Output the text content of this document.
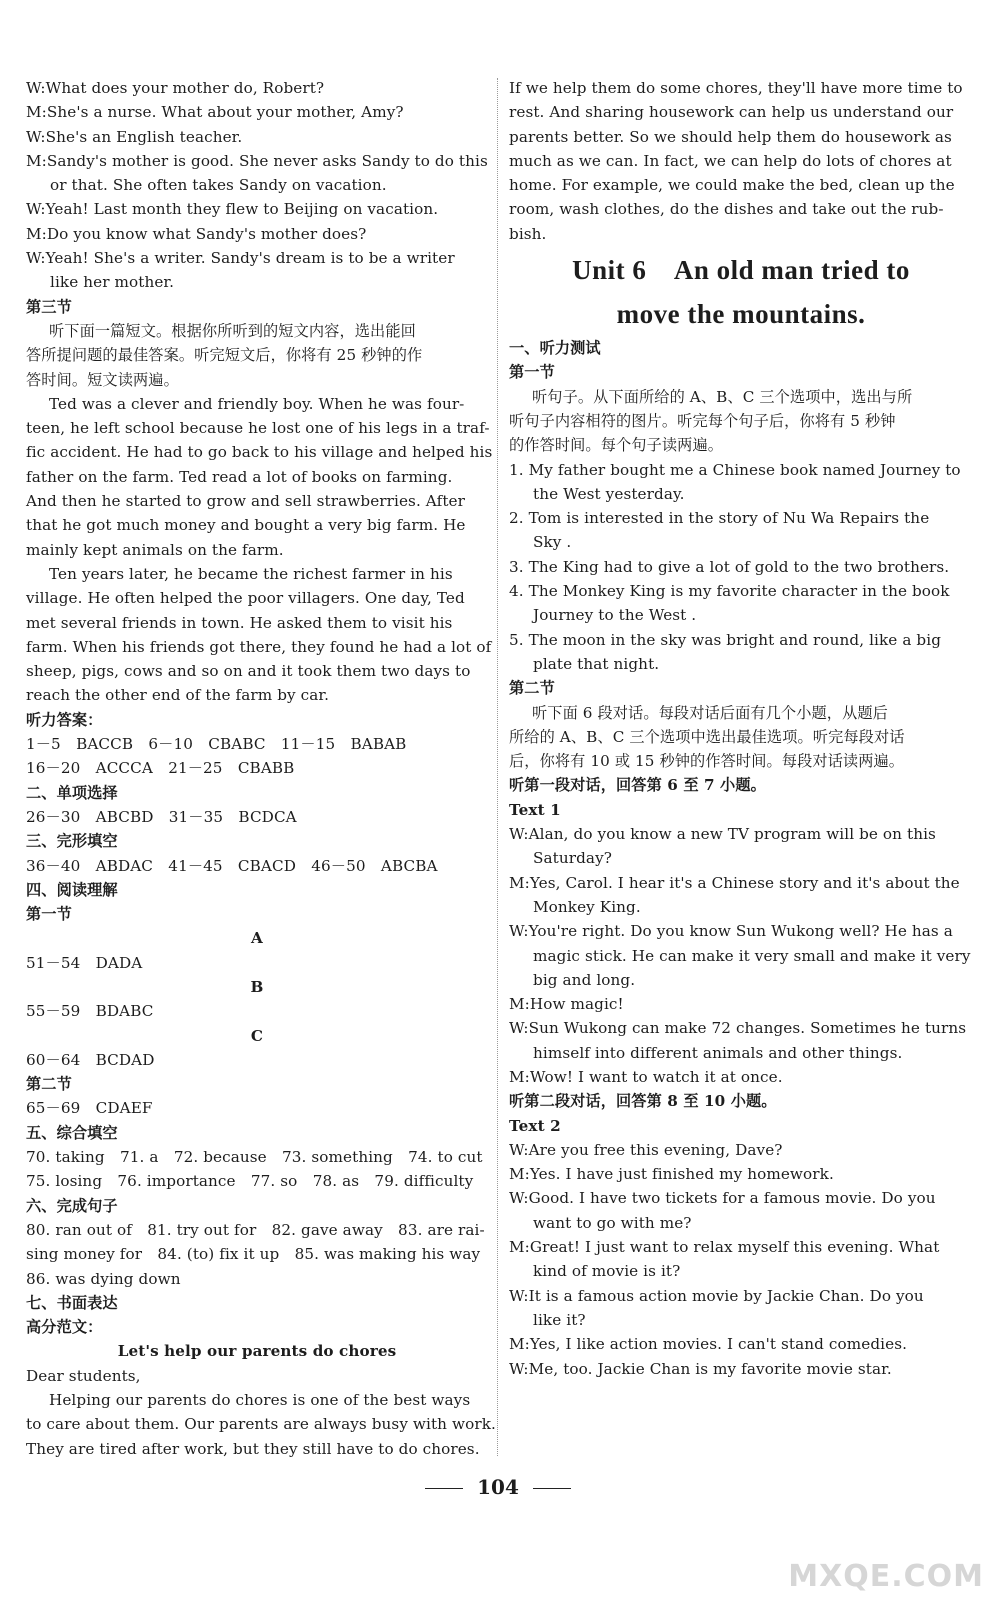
W:What does your mother do, Robert?
M:She's a nurse. What about your mother, Amy?
W:She's an English teacher.
M:Sandy's mother is good. She never asks Sandy to do this
or that. She often takes Sandy on vacation.
W:Yeah! Last month they flew to Beijing on vacation.
M:Do you know what Sandy's mother does?
W:Yeah! She's a writer. Sandy's dream is to be a writer
like her mother.
第三节
听下面一篇短文。根据你所听到的短文内容，选出能回
答所提问题的最佳答案。听完短文后，你将有 25 秒钟的作
答时间。短文读两遍。
Ted was a clever and friendly boy. When he was four-
teen, he left school because he lost one of his legs in a traf-
fic accident. He had to go back to his village and helped his
father on the farm. Ted read a lot of books on farming.
And then he started to grow and sell strawberries. After
that he got much money and bought a very big farm. He
mainly kept animals on the farm.
Ten years later, he became the richest farmer in his
village. He often helped the poor villagers. One day, Ted
met several friends in town. He asked them to visit his
farm. When his friends got there, they found he had a lot of
sheep, pigs, cows and so on and it took them two days to
reach the other end of the farm by car.
听力答案：
1－5　BACCB　6－10　CBABC　11－15　BABAB
16－20　ACCCA　21－25　CBABB
二、单项选择
26－30　ABCBD　31－35　BCDCA
三、完形填空
36－40　ABDAC　41－45　CBACD　46－50　ABCBA
四、阅读理解
第一节
A
51－54　DADA
B
55－59　BDABC
C
60－64　BCDAD
第二节
65－69　CDAEF
五、综合填空
70. taking　71. a　72. because　73. something　74. to cut
75. losing　76. importance　77. so　78. as　79. difficulty
六、完成句子
80. ran out of　81. try out for　82. gave away　83. are rai-
sing money for　84. (to) fix it up　85. was making his way
86. was dying down
七、书面表达
高分范文：
Let's help our parents do chores
Dear students,
Helping our parents do chores is one of the best ways
to care about them. Our parents are always busy with work.
They are tired after work, but they still have to do chores.
If we help them do some chores, they'll have more time to
rest. And sharing housework can help us understand our
parents better. So we should help them do housework as
much as we can. In fact, we can help do lots of chores at
home. For example, we could make the bed, clean up the
room, wash clothes, do the dishes and take out the rub-
bish.
Unit 6　An old man tried to
move the mountains.
一、听力测试
第一节
听句子。从下面所给的 A、B、C 三个选项中，选出与所
听句子内容相符的图片。听完每个句子后，你将有 5 秒钟
的作答时间。每个句子读两遍。
1. My father bought me a Chinese book named Journey to
the West yesterday.
2. Tom is interested in the story of Nu Wa Repairs the
Sky .
3. The King had to give a lot of gold to the two brothers.
4. The Monkey King is my favorite character in the book
Journey to the West .
5. The moon in the sky was bright and round, like a big
plate that night.
第二节
听下面 6 段对话。每段对话后面有几个小题，从题后
所给的 A、B、C 三个选项中选出最佳选项。听完每段对话
后，你将有 10 或 15 秒钟的作答时间。每段对话读两遍。
听第一段对话，回答第 6 至 7 小题。
Text 1
W:Alan, do you know a new TV program will be on this
Saturday?
M:Yes, Carol. I hear it's a Chinese story and it's about the
Monkey King.
W:You're right. Do you know Sun Wukong well? He has a
magic stick. He can make it very small and make it very
big and long.
M:How magic!
W:Sun Wukong can make 72 changes. Sometimes he turns
himself into different animals and other things.
M:Wow! I want to watch it at once.
听第二段对话，回答第 8 至 10 小题。
Text 2
W:Are you free this evening, Dave?
M:Yes. I have just finished my homework.
W:Good. I have two tickets for a famous movie. Do you
want to go with me?
M:Great! I just want to relax myself this evening. What
kind of movie is it?
W:It is a famous action movie by Jackie Chan. Do you
like it?
M:Yes, I like action movies. I can't stand comedies.
W:Me, too. Jackie Chan is my favorite movie star.
104
MXQE.COM
